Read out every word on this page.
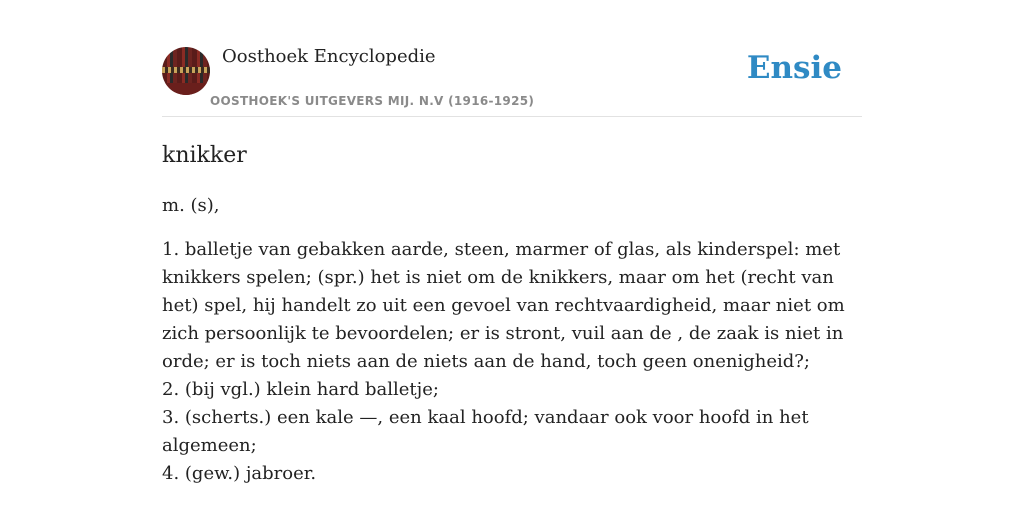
Oosthoek Encyclopedie
OOSTHOEK'S UITGEVERS MIJ. N.V (1916-1925)
Ensie
knikker

m. (s),

1. balletje van gebakken aarde, steen, marmer of glas, als kinderspel: met knikkers spelen; (spr.) het is niet om de knikkers, maar om het (recht van het) spel, hij handelt zo uit een gevoel van rechtvaardigheid, maar niet om zich persoonlijk te bevoordelen; er is stront, vuil aan de , de zaak is niet in orde; er is toch niets aan de niets aan de hand, toch geen onenigheid?;
2. (bij vgl.) klein hard balletje;
3. (scherts.) een kale —, een kaal hoofd; vandaar ook voor hoofd in het algemeen;
4. (gew.) jabroer.
